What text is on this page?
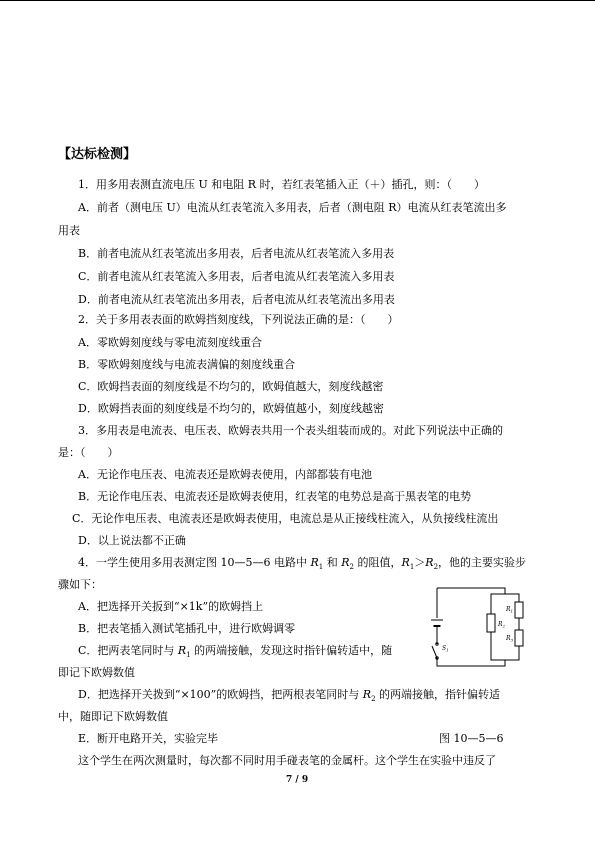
【达标检测】
1．用多用表测直流电压 U 和电阻 R 时，若红表笔插入正（＋）插孔，则：（　　）
A．前者（测电压 U）电流从红表笔流入多用表，后者（测电阻 R）电流从红表笔流出多
用表
B．前者电流从红表笔流出多用表，后者电流从红表笔流入多用表
C．前者电流从红表笔流入多用表，后者电流从红表笔流入多用表
D．前者电流从红表笔流出多用表，后者电流从红表笔流出多用表
2．关于多用表表面的欧姆挡刻度线，下列说法正确的是：（　　）
A．零欧姆刻度线与零电流刻度线重合
B．零欧姆刻度线与电流表满偏的刻度线重合
C．欧姆挡表面的刻度线是不均匀的，欧姆值越大，刻度线越密
D．欧姆挡表面的刻度线是不均匀的，欧姆值越小，刻度线越密
3．多用表是电流表、电压表、欧姆表共用一个表头组装而成的。对此下列说法中正确的
是：（　　）
A．无论作电压表、电流表还是欧姆表使用，内部都装有电池
B．无论作电压表、电流表还是欧姆表使用，红表笔的电势总是高于黑表笔的电势
C．无论作电压表、电流表还是欧姆表使用，电流总是从正接线柱流入，从负接线柱流出
D．以上说法都不正确
4．一学生使用多用表测定图 10—5—6 电路中 $R_1$ 和 $R_2$ 的阻值，$R_1>R_2$，他的主要实验步
骤如下：
A．把选择开关扳到“×1k”的欧姆挡上
B．把表笔插入测试笔插孔中，进行欧姆调零
C．把两表笔同时与 $R_1$ 的两端接触，发现这时指针偏转适中，随
即记下欧姆数值
D．把选择开关拨到“×100”的欧姆挡，把两根表笔同时与 $R_2$ 的两端接触，指针偏转适
中，随即记下欧姆数值
E．断开电路开关，实验完毕	图 10—5—6
这个学生在两次测量时，每次都不同时用手碰表笔的金属杆。这个学生在实验中违反了
7 / 9
$R_1$
$R_2$
$R_3$
$S_1$
